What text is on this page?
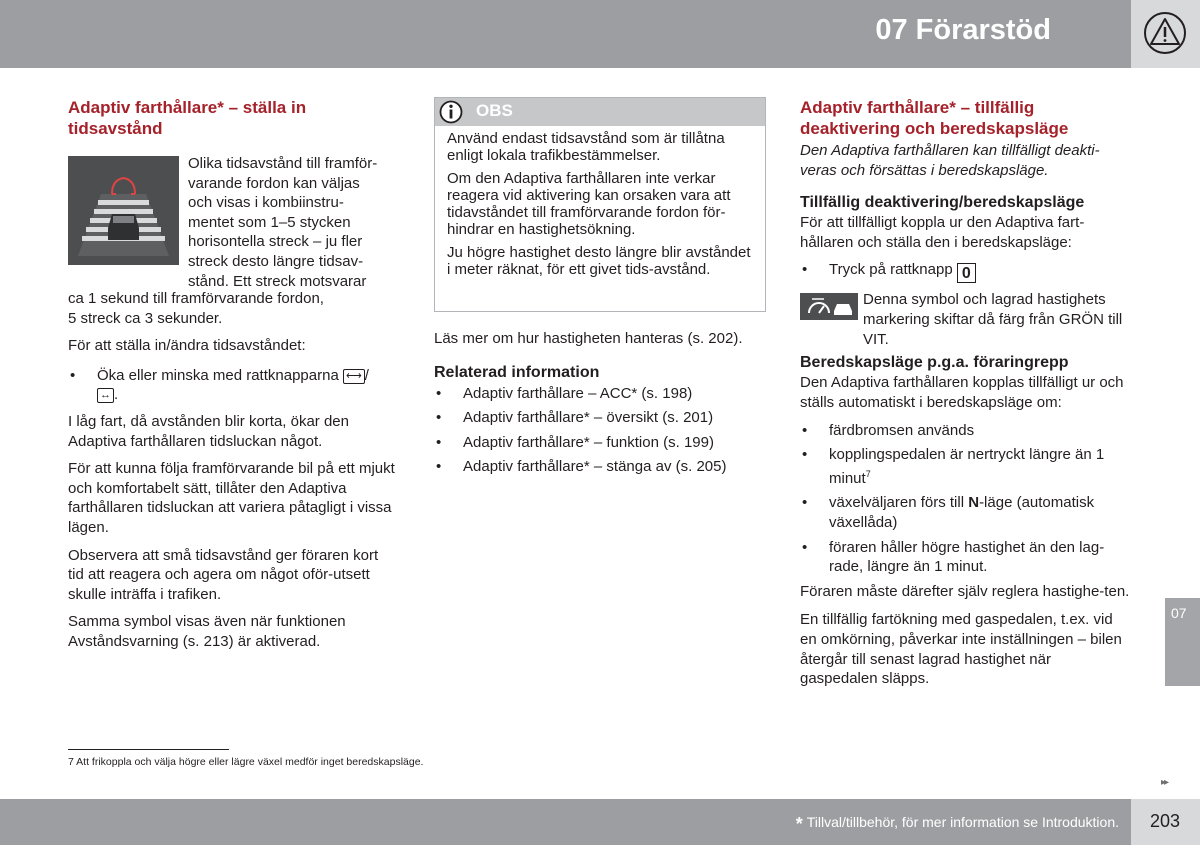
07 Förarstöd
Adaptiv farthållare* – ställa in tidsavstånd
Olika tidsavstånd till framför-
varande fordon kan väljas
och visas i kombiinstru-
mentet som 1–5 stycken
horisontella streck – ju fler
streck desto längre tidsav-
stånd. Ett streck motsvarar
ca 1 sekund till framförvarande fordon,
5 streck ca 3 sekunder.
För att ställa in/ändra tidsavståndet:
• Öka eller minska med rattknapparna ⟷ /
↔ .
I låg fart, då avstånden blir korta, ökar den Adaptiva farthållaren tidsluckan något.
För att kunna följa framförvarande bil på ett mjukt och komfortabelt sätt, tillåter den Adaptiva farthållaren tidsluckan att variera påtagligt i vissa lägen.
Observera att små tidsavstånd ger föraren kort tid att reagera och agera om något oför-utsett skulle inträffa i trafiken.
Samma symbol visas även när funktionen Avståndsvarning (s. 213) är aktiverad.
OBS

Använd endast tidsavstånd som är tillåtna enligt lokala trafikbestämmelser.

Om den Adaptiva farthållaren inte verkar reagera vid aktivering kan orsaken vara att tidavståndet till framförvarande fordon för-hindrar en hastighetsökning.

Ju högre hastighet desto längre blir avståndet i meter räknat, för ett givet tids-avstånd.

Läs mer om hur hastigheten hanteras (s. 202).
Relaterad information
• Adaptiv farthållare – ACC* (s. 198)
• Adaptiv farthållare* – översikt (s. 201)
• Adaptiv farthållare* – funktion (s. 199)
• Adaptiv farthållare* – stänga av (s. 205)
Adaptiv farthållare* – tillfällig deaktivering och beredskapsläge
Den Adaptiva farthållaren kan tillfälligt deakti-veras och försättas i beredskapsläge.
Tillfällig deaktivering/beredskapsläge
För att tillfälligt koppla ur den Adaptiva fart-hållaren och ställa den i beredskapsläge:
• Tryck på rattknapp 0
Denna symbol och lagrad hastighets markering skiftar då färg från GRÖN till VIT.
Beredskapsläge p.g.a. föraringrepp
Den Adaptiva farthållaren kopplas tillfälligt ur och ställs automatiskt i beredskapsläge om:
• färdbromsen används
• kopplingspedalen är nertryckt längre än 1 minut$^7$
• växelväljaren förs till N-läge (automatisk växellåda)
• föraren håller högre hastighet än den lag-rade, längre än 1 minut.
Föraren måste därefter själv reglera hastighe-ten.
En tillfällig fartökning med gaspedalen, t.ex. vid en omkörning, påverkar inte inställningen – bilen återgår till senast lagrad hastighet när gaspedalen släpps.
07
7 Att frikoppla och välja högre eller lägre växel medför inget beredskapsläge.
▸▸
* Tillval/tillbehör, för mer information se Introduktion. 203
